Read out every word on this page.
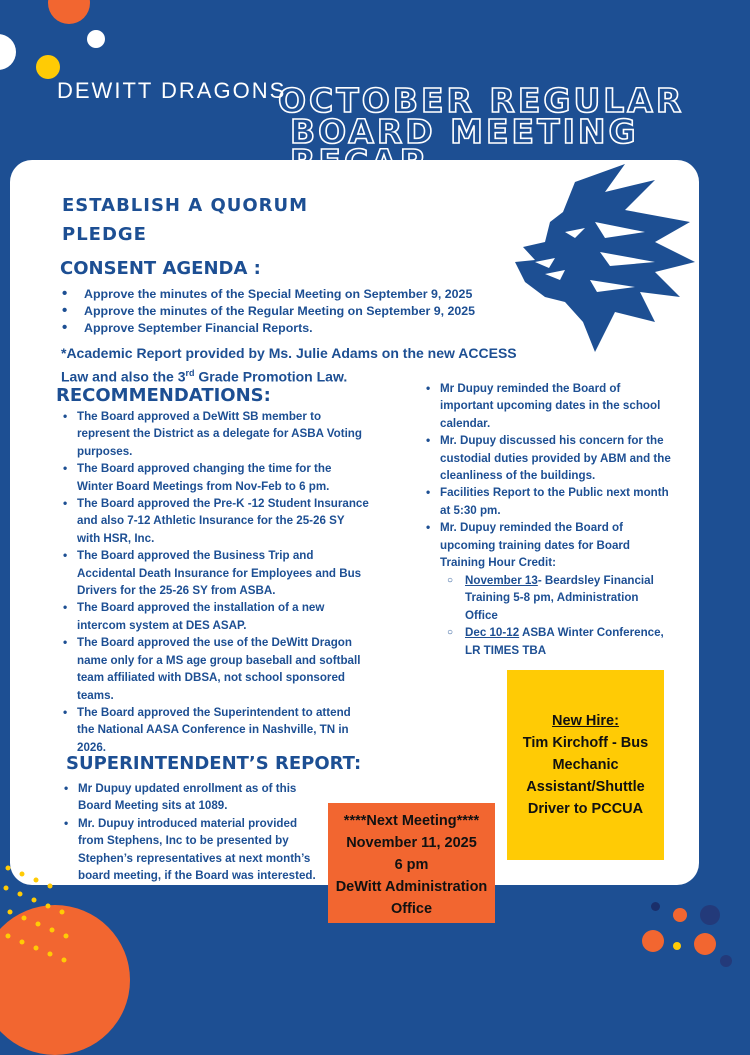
DEWITT DRAGONS
OCTOBER REGULAR
BOARD MEETING
ESTABLISH A QUORUM
PLEDGE
CONSENT AGENDA :
• Approve the minutes of the Special Meeting on September 9, 2025
• Approve the minutes of the Regular Meeting on September 9, 2025
• Approve September Financial Reports.
*Academic Report provided by Ms. Julie Adams on the new ACCESS
Law and also the 3rd Grade Promotion Law.
RECOMMENDATIONS:
• The Board approved a DeWitt SB member to represent the District as a delegate for ASBA Voting purposes.
• The Board approved changing the time for the Winter Board Meetings from Nov-Feb to 6 pm.
• The Board approved the Pre-K -12 Student Insurance and also 7-12 Athletic Insurance for the 25-26 SY with HSR, Inc.
• The Board approved the Business Trip and Accidental Death Insurance for Employees and Bus Drivers for the 25-26 SY from ASBA.
• The Board approved the installation of a new intercom system at DES ASAP.
• The Board approved the use of the DeWitt Dragon name only for a MS age group baseball and softball team affiliated with DBSA, not school sponsored teams.
• The Board approved the Superintendent to attend the National AASA Conference in Nashville, TN in 2026.
SUPERINTENDENT’S REPORT:
• Mr Dupuy updated enrollment as of this Board Meeting sits at 1089.
• Mr. Dupuy introduced material provided from Stephens, Inc to be presented by Stephen’s representatives at next month’s board meeting, if the Board was interested.
• Mr Dupuy reminded the Board of important upcoming dates in the school calendar.
• Mr. Dupuy discussed his concern for the custodial duties provided by ABM and the cleanliness of the buildings.
• Facilities Report to the Public next month at 5:30 pm.
• Mr. Dupuy reminded the Board of upcoming training dates for Board Training Hour Credit:
○ November 13- Beardsley Financial Training 5-8 pm, Administration Office
○ Dec 10-12 ASBA Winter Conference, LR TIMES TBA
New Hire:
Tim Kirchoff - Bus Mechanic Assistant/Shuttle Driver to PCCUA
****Next Meeting****
November 11, 2025
6 pm
DeWitt Administration Office
